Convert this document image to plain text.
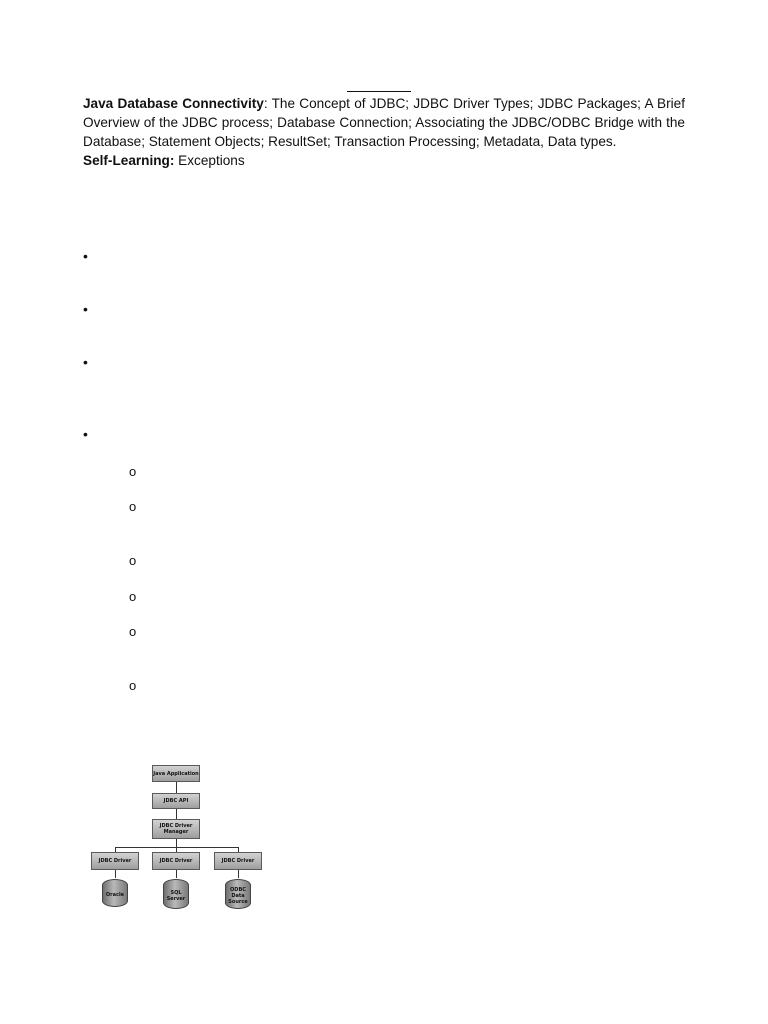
Java Database Connectivity: The Concept of JDBC; JDBC Driver Types; JDBC Packages; A Brief Overview of the JDBC process; Database Connection; Associating the JDBC/ODBC Bridge with the Database; Statement Objects; ResultSet; Transaction Processing; Metadata, Data types.

Self-Learning: Exceptions

•
•
•
•
o
o
o
o
o
o
Java Application
JDBC API
JDBC Driver Manager
JDBC Driver	JDBC Driver	JDBC Driver
Oracle	SQL Server
ODBC Data Source
